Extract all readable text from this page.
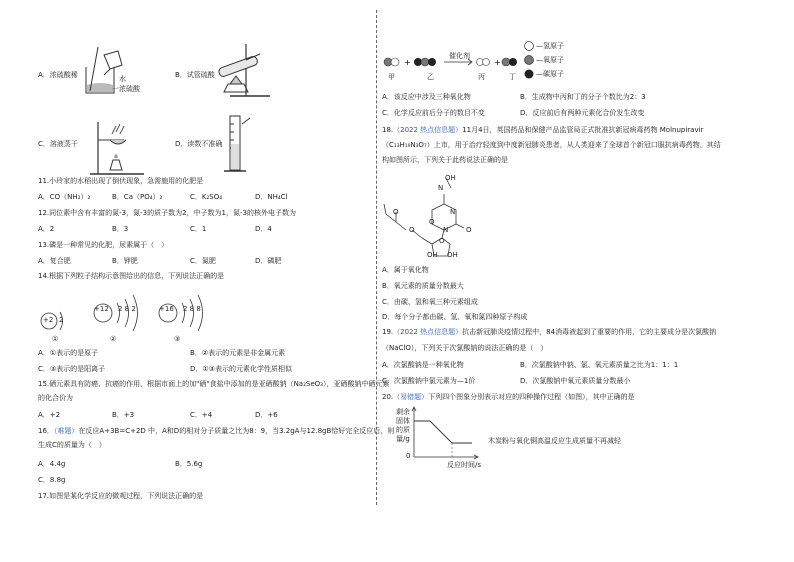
水
一浓硫酸
A．浓硫酸稀	B．试管硫酸
C．溶液蒸干	D．读数不准确
11.小玲家的水稻出现了倒伏现象，急需施用的化肥是
A．CO（NH₂）₂	B．Ca（PO₄）₂	C．K₂SO₄	D．NH₄Cl
12.同位素中含有丰富的氮-3，氮-3的质子数为2，中子数为1，氮-3的核外电子数为
A．2	B．3	C．1	D．4
13.磷是一种常见的化肥，尿素属于（　）
A．复合肥	B．钾肥	C．氮肥	D．磷肥
14.根据下列粒子结构示意图给出的信息，下列说法正确的是
+2 2
+12 2 8 2	+16 2 8 8
①	②	③
A．①表示的是原子	B．②表示的元素是非金属元素
C．③表示的是阳离子	D．①③表示的元素化学性质相似
15.硒元素具有防癌、抗癌的作用，根据市面上的加"硒"食盐中添加的是亚硒酸钠（Na₂SeO₃），亚硒酸钠中硒元素
的化合价为
A．+2	B．+3	C．+4	D．+6
16．（难题）在反应A+3B=C+2D 中，A和D的相对分子质量之比为8：9，当3.2gA与12.8gB恰好完全反应后，则
生成C的质量为（　）
A．4.4g	B．5.6g
C．8.8g
17.如图是某化学反应的微观过程，下列说法正确的是
+	+
催化剂
甲	乙	丙	丁
—氢原子
—氧原子
—碳原子
A．该反应中涉及三种氧化物	B．生成物中丙和丁的分子个数比为2：3
C．化学反应前后分子的数目不变	D．反应前后有两种元素化合价发生改变
18.（2022 热点信息题）11月4日，英国药品和保健产品监管局正式批准抗新冠病毒药物 Molnupiravir
（C₁₃H₁₉N₃O₇）上市，用于治疗轻度到中度新冠肺炎患者，从人类迎来了全球首个新冠口服抗病毒药物，其结
构如图所示，下列关于此药说法正确的是
N
OH
N
N	O
O
O
O
O
OH OH
A．属于氧化物
B．氧元素的质量分数最大
C．由碳、氢和氧三种元素组成
D．每个分子都由碳、氢、氧和氮四种原子构成
19.（2022 热点信息题）抗击新冠肺炎疫情过程中，84消毒液起到了重要的作用，它的主要成分是次氯酸钠
（NaClO），下列关于次氯酸钠的说法正确的是（　）
A．次氯酸钠是一种氧化物	B．次氯酸钠中钠、氯、氧元素质量之比为1：1：1
C．次氯酸钠中氯元素为—1价	D．次氯酸钠中氧元素质量分数最小
20.（易错题）下列四个图象分别表示对应的四种操作过程（如图），其中正确的是
剩余
固体
的质
量/g
0
反应时间/s
木炭粉与氧化铜高温反应生成质量不再减轻
